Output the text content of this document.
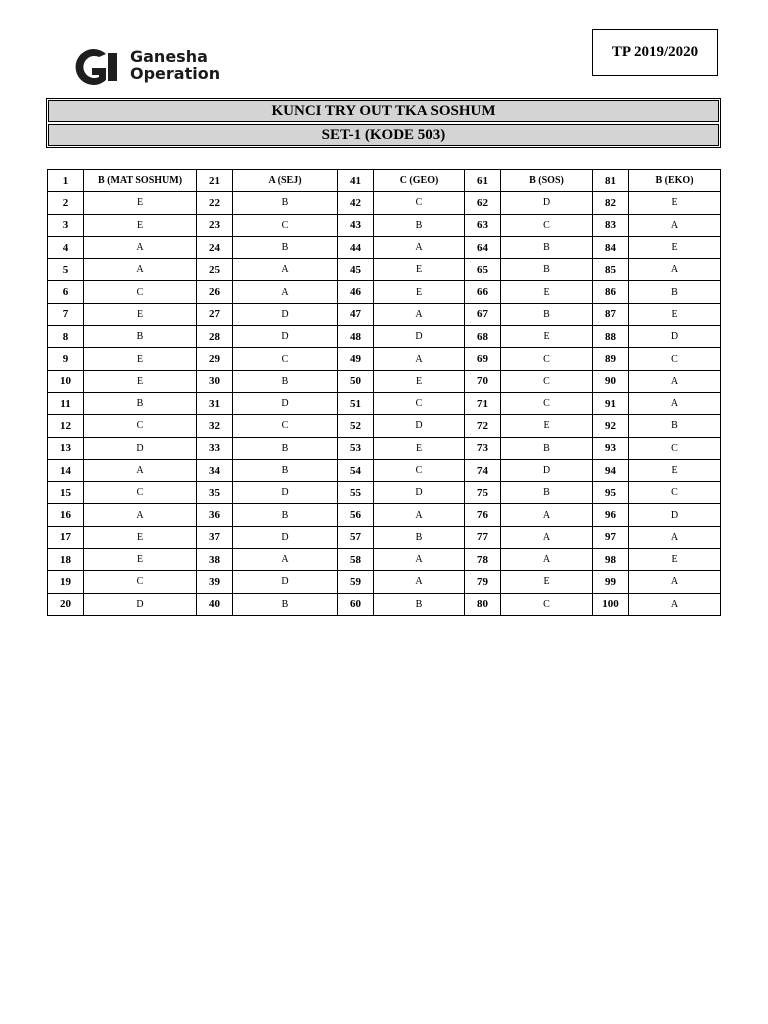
Ganesha
Operation
TP 2019/2020
KUNCI TRY OUT TKA SOSHUM
SET-1 (KODE 503)
1	B (MAT SOSHUM)	21	A (SEJ)	41	C (GEO)	61	B (SOS)	81	B (EKO)
2	E	22	B	42	C	62	D	82	E
3	E	23	C	43	B	63	C	83	A
4	A	24	B	44	A	64	B	84	E
5	A	25	A	45	E	65	B	85	A
6	C	26	A	46	E	66	E	86	B
7	E	27	D	47	A	67	B	87	E
8	B	28	D	48	D	68	E	88	D
9	E	29	C	49	A	69	C	89	C
10	E	30	B	50	E	70	C	90	A
11	B	31	D	51	C	71	C	91	A
12	C	32	C	52	D	72	E	92	B
13	D	33	B	53	E	73	B	93	C
14	A	34	B	54	C	74	D	94	E
15	C	35	D	55	D	75	B	95	C
16	A	36	B	56	A	76	A	96	D
17	E	37	D	57	B	77	A	97	A
18	E	38	A	58	A	78	A	98	E
19	C	39	D	59	A	79	E	99	A
20	D	40	B	60	B	80	C	100	A
